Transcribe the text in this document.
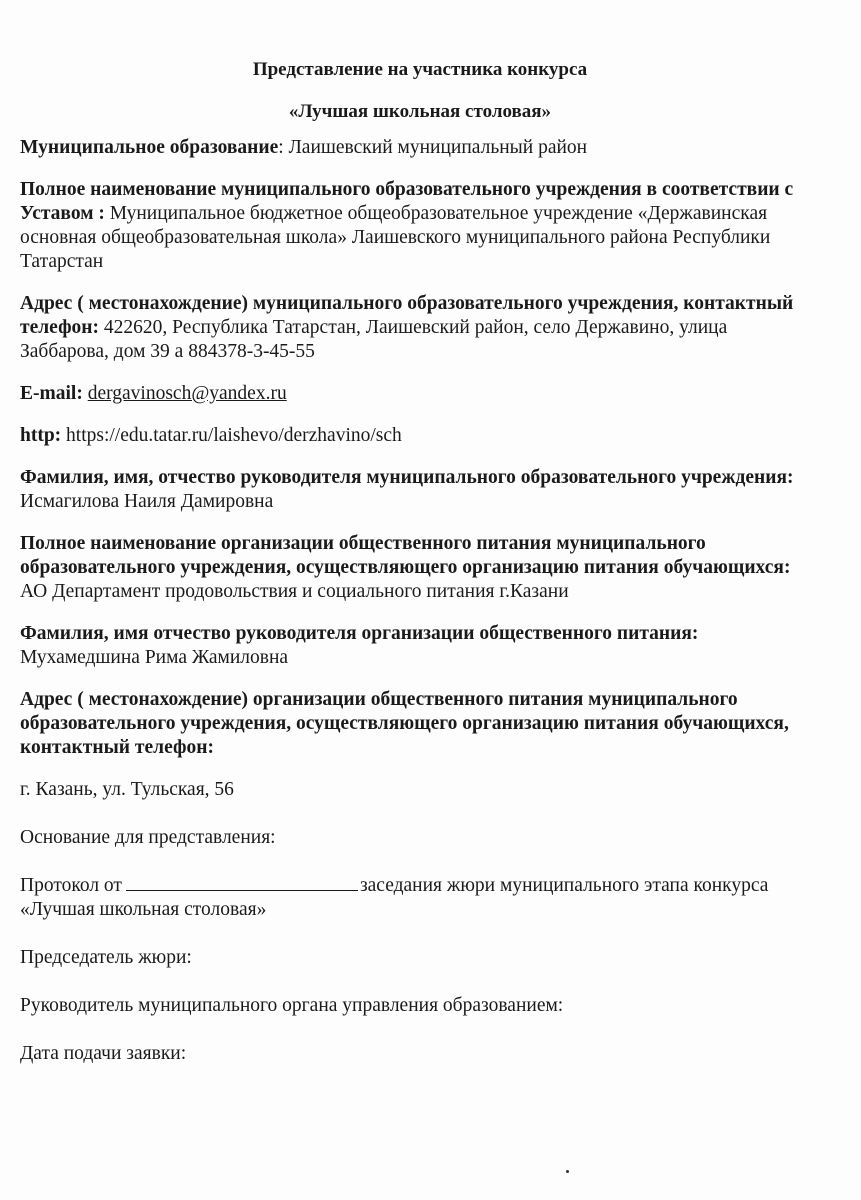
Представление на участника конкурса

«Лучшая школьная столовая»

Муниципальное образование: Лаишевский муниципальный район

Полное наименование муниципального образовательного учреждения в соответствии с Уставом : Муниципальное бюджетное общеобразовательное учреждение «Державинская основная общеобразовательная школа» Лаишевского муниципального района Республики Татарстан

Адрес ( местонахождение) муниципального образовательного учреждения, контактный телефон: 422620, Республика Татарстан, Лаишевский район, село Державино, улица Заббарова, дом 39 а 884378-3-45-55

E-mail: dergavinosch@yandex.ru

http: https://edu.tatar.ru/laishevo/derzhavino/sch

Фамилия, имя, отчество руководителя муниципального образовательного учреждения: Исмагилова Наиля Дамировна

Полное наименование организации общественного питания муниципального образовательного учреждения, осуществляющего организацию питания обучающихся: АО Департамент продовольствия и социального питания г.Казани

Фамилия, имя отчество руководителя организации общественного питания:
Мухамедшина Рима Жамиловна

Адрес ( местонахождение) организации общественного питания муниципального образовательного учреждения, осуществляющего организацию питания обучающихся, контактный телефон:

г. Казань, ул. Тульская, 56

Основание для представления:

Протокол от	заседания жюри муниципального этапа конкурса «Лучшая школьная столовая»

Председатель жюри:

Руководитель муниципального органа управления образованием:

Дата подачи заявки:
